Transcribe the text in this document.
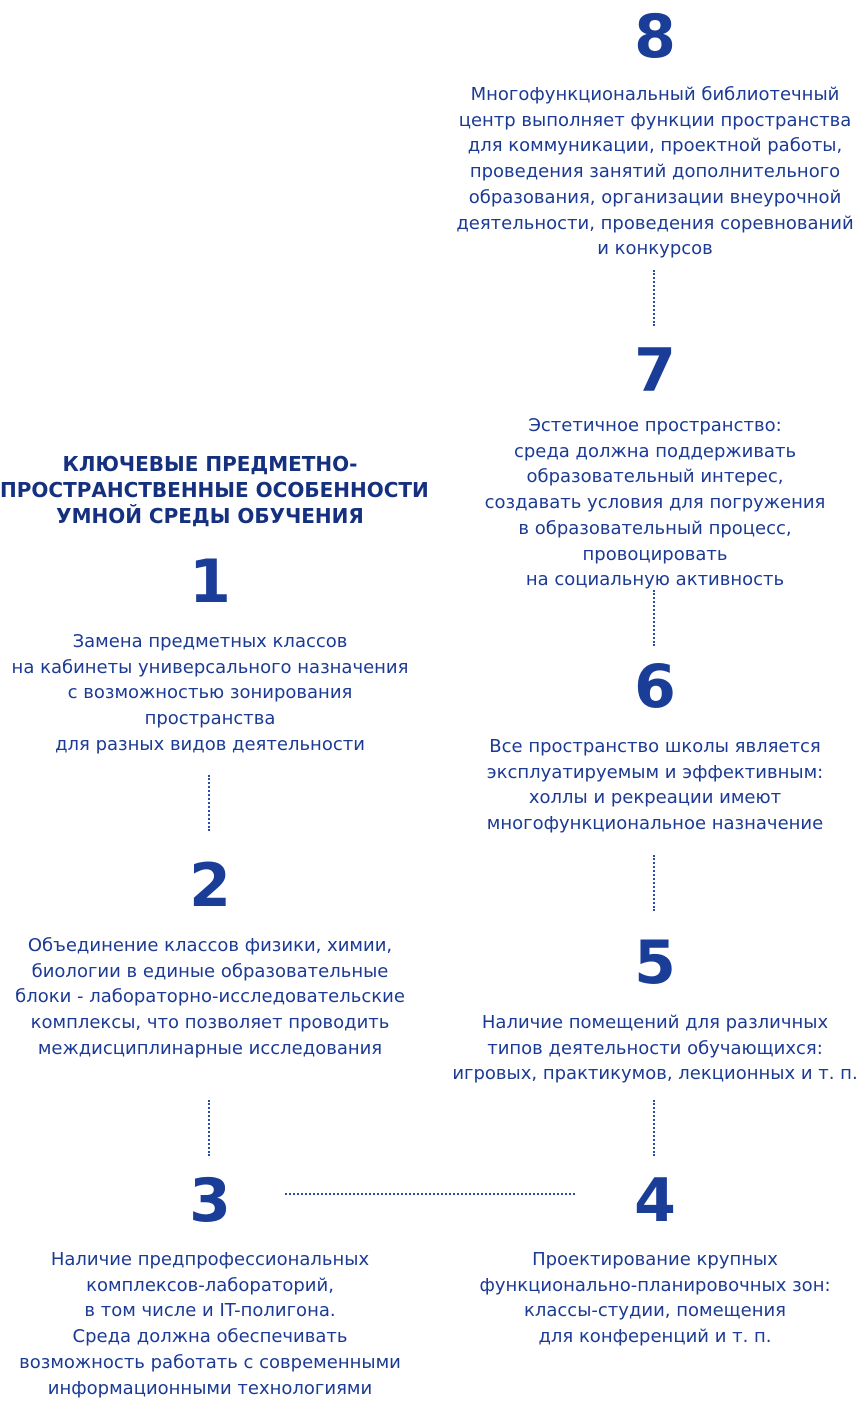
КЛЮЧЕВЫЕ ПРЕДМЕТНО-
ПРОСТРАНСТВЕННЫЕ ОСОБЕННОСТИ
УМНОЙ СРЕДЫ ОБУЧЕНИЯ
1
Замена предметных классов
на кабинеты универсального назначения
с возможностью зонирования
пространства
для разных видов деятельности
2
Объединение классов физики, химии,
биологии в единые образовательные
блоки - лабораторно-исследовательские
комплексы, что позволяет проводить
междисциплинарные исследования
3
Наличие предпрофессиональных
комплексов-лабораторий,
в том числе и IT-полигона.
Среда должна обеспечивать
возможность работать с современными
информационными технологиями
4
Проектирование крупных
функционально-планировочных зон:
классы-студии, помещения
для конференций и т. п.
5
Наличие помещений для различных
типов деятельности обучающихся:
игровых, практикумов, лекционных и т. п.
6
Все пространство школы является
эксплуатируемым и эффективным:
холлы и рекреации имеют
многофункциональное назначение
7
Эстетичное пространство:
среда должна поддерживать
образовательный интерес,
создавать условия для погружения
в образовательный процесс,
провоцировать
на социальную активность
8
Многофункциональный библиотечный
центр выполняет функции пространства
для коммуникации, проектной работы,
проведения занятий дополнительного
образования, организации внеурочной
деятельности, проведения соревнований
и конкурсов
